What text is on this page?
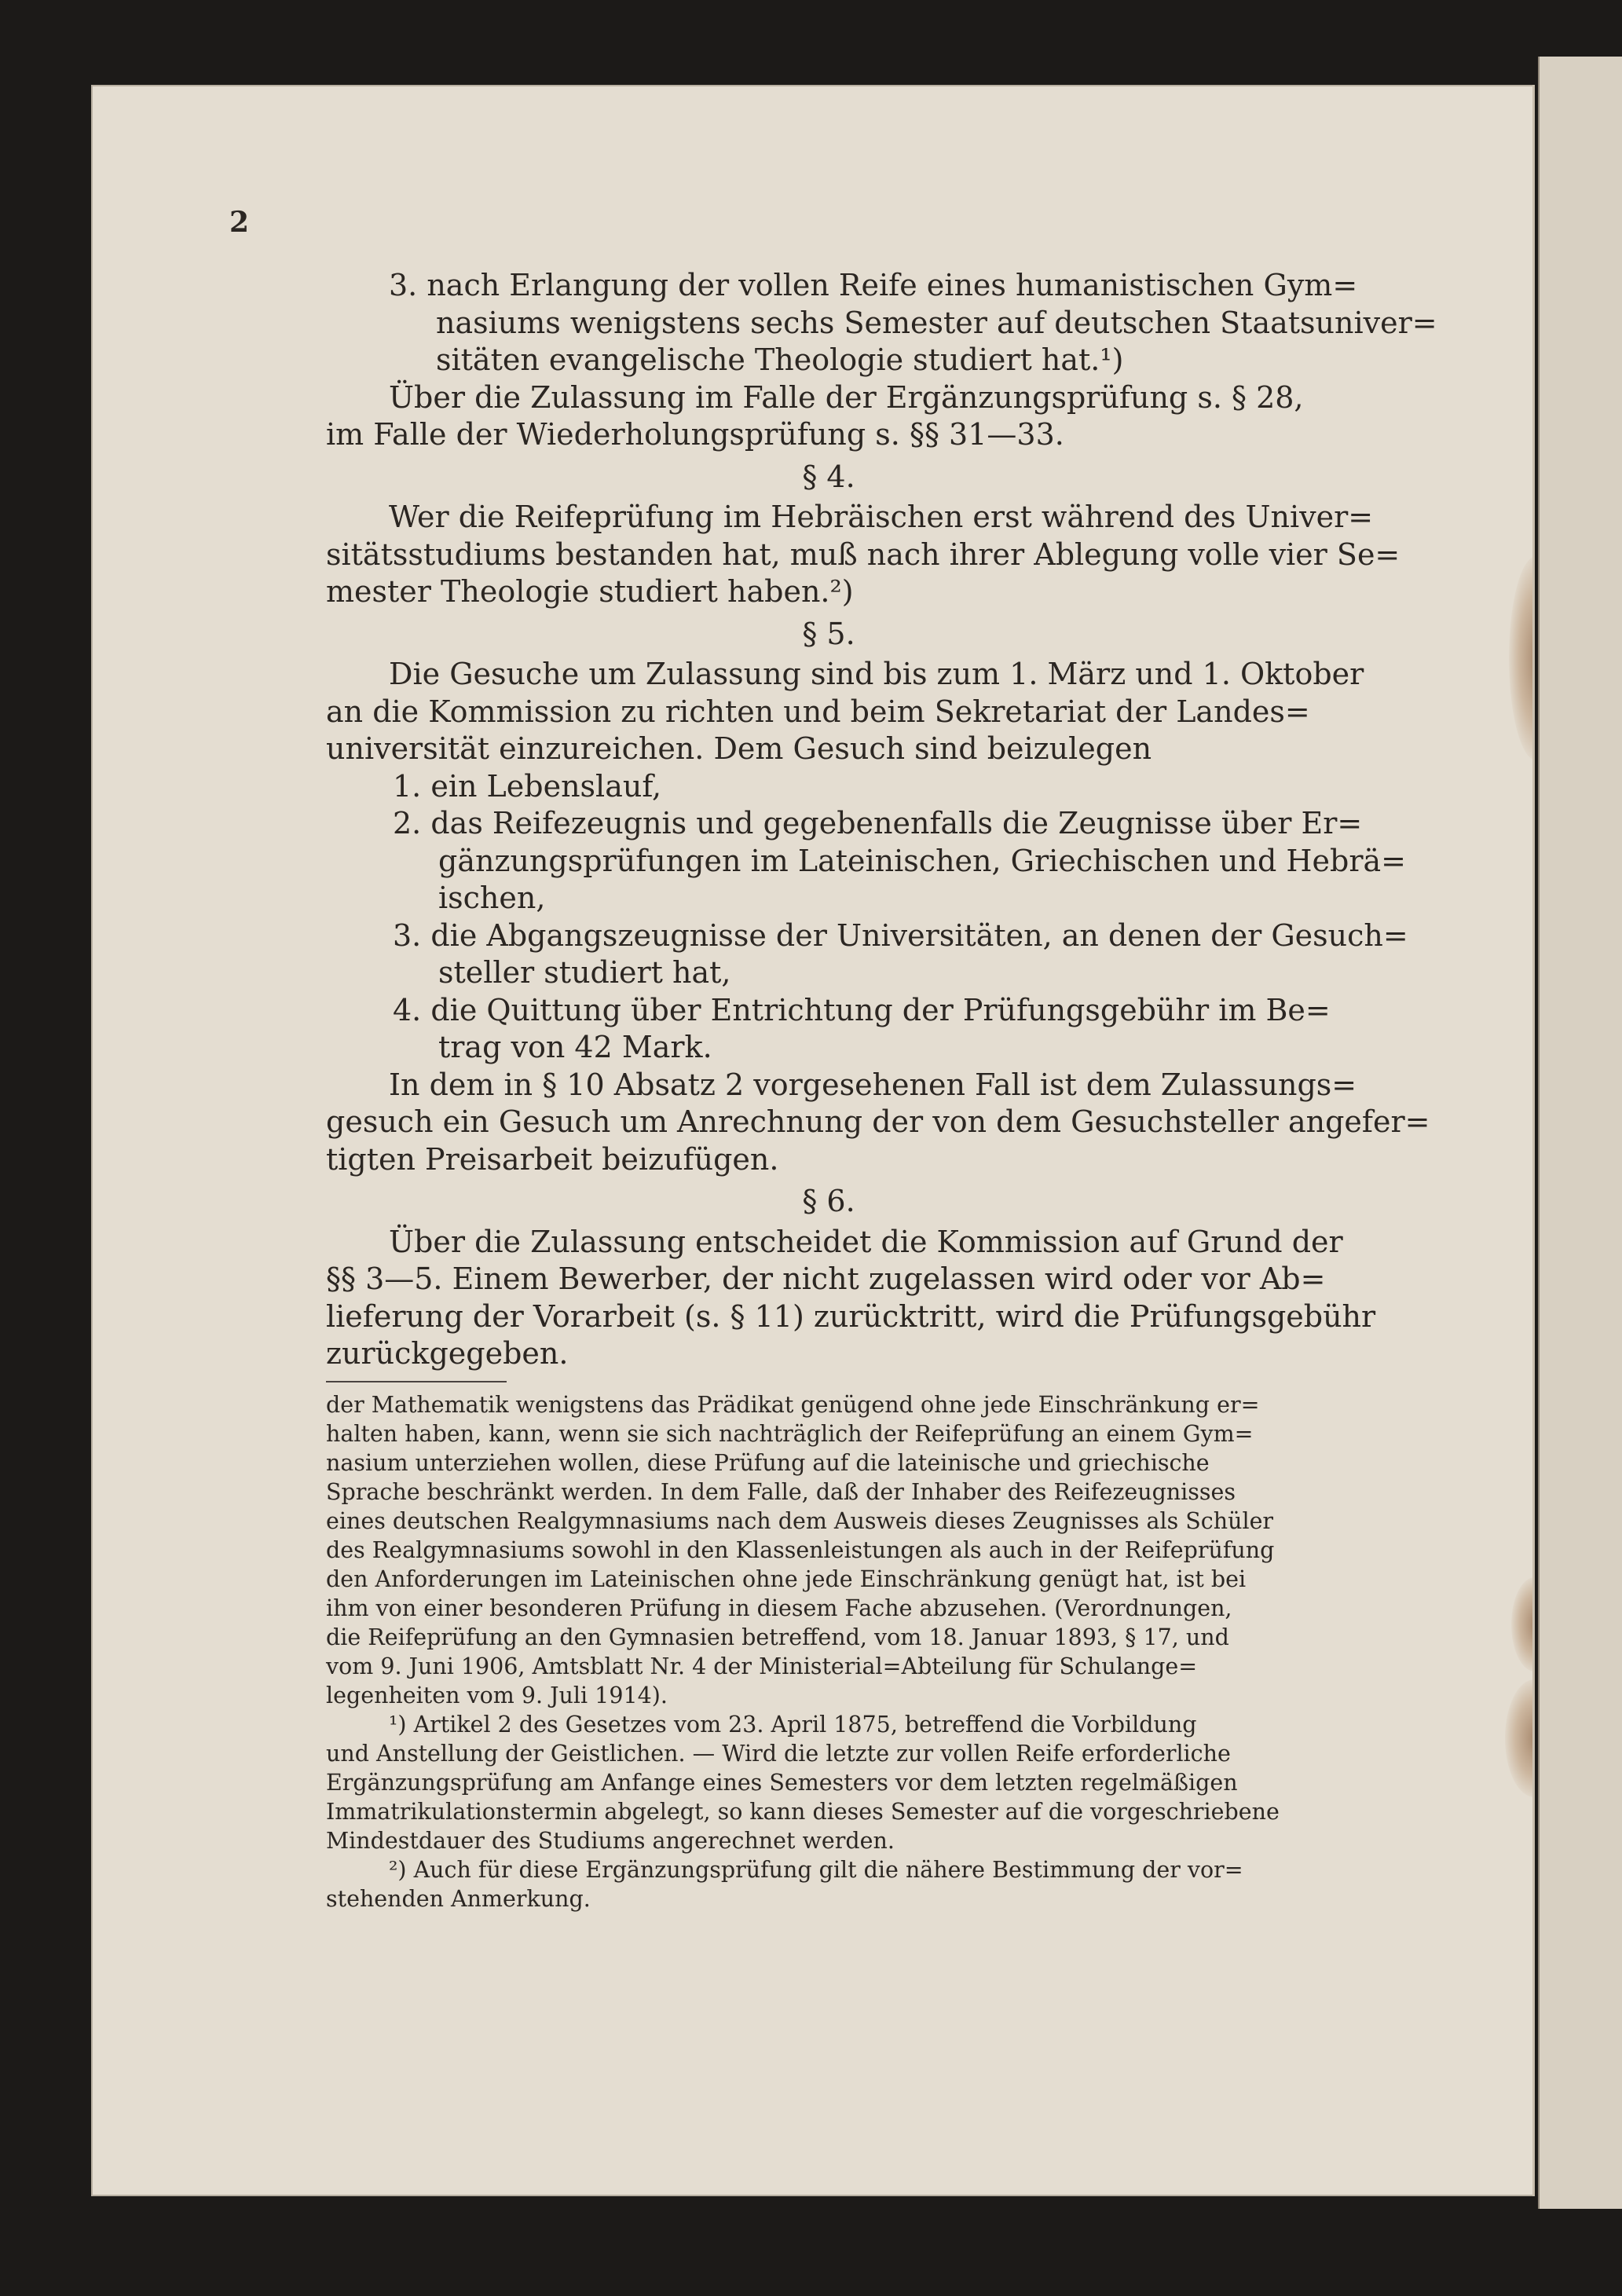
2
3. nach Erlangung der vollen Reife eines humanistischen Gym=
nasiums wenigstens sechs Semester auf deutschen Staatsuniver=
sitäten evangelische Theologie studiert hat.¹)
Über die Zulassung im Falle der Ergänzungsprüfung s. § 28,
im Falle der Wiederholungsprüfung s. §§ 31—33.
§ 4.
Wer die Reifeprüfung im Hebräischen erst während des Univer=
sitätsstudiums bestanden hat, muß nach ihrer Ablegung volle vier Se=
mester Theologie studiert haben.²)
§ 5.
Die Gesuche um Zulassung sind bis zum 1. März und 1. Oktober
an die Kommission zu richten und beim Sekretariat der Landes=
universität einzureichen. Dem Gesuch sind beizulegen
1. ein Lebenslauf,
2. das Reifezeugnis und gegebenenfalls die Zeugnisse über Er=
gänzungsprüfungen im Lateinischen, Griechischen und Hebrä=
ischen,
3. die Abgangszeugnisse der Universitäten, an denen der Gesuch=
steller studiert hat,
4. die Quittung über Entrichtung der Prüfungsgebühr im Be=
trag von 42 Mark.
In dem in § 10 Absatz 2 vorgesehenen Fall ist dem Zulassungs=
gesuch ein Gesuch um Anrechnung der von dem Gesuchsteller angefer=
tigten Preisarbeit beizufügen.
§ 6.
Über die Zulassung entscheidet die Kommission auf Grund der
§§ 3—5. Einem Bewerber, der nicht zugelassen wird oder vor Ab=
lieferung der Vorarbeit (s. § 11) zurücktritt, wird die Prüfungsgebühr
zurückgegeben.
der Mathematik wenigstens das Prädikat genügend ohne jede Einschränkung er=
halten haben, kann, wenn sie sich nachträglich der Reifeprüfung an einem Gym=
nasium unterziehen wollen, diese Prüfung auf die lateinische und griechische
Sprache beschränkt werden. In dem Falle, daß der Inhaber des Reifezeugnisses
eines deutschen Realgymnasiums nach dem Ausweis dieses Zeugnisses als Schüler
des Realgymnasiums sowohl in den Klassenleistungen als auch in der Reifeprüfung
den Anforderungen im Lateinischen ohne jede Einschränkung genügt hat, ist bei
ihm von einer besonderen Prüfung in diesem Fache abzusehen. (Verordnungen,
die Reifeprüfung an den Gymnasien betreffend, vom 18. Januar 1893, § 17, und
vom 9. Juni 1906, Amtsblatt Nr. 4 der Ministerial=Abteilung für Schulange=
legenheiten vom 9. Juli 1914).
¹) Artikel 2 des Gesetzes vom 23. April 1875, betreffend die Vorbildung
und Anstellung der Geistlichen. — Wird die letzte zur vollen Reife erforderliche
Ergänzungsprüfung am Anfange eines Semesters vor dem letzten regelmäßigen
Immatrikulationstermin abgelegt, so kann dieses Semester auf die vorgeschriebene
Mindestdauer des Studiums angerechnet werden.
²) Auch für diese Ergänzungsprüfung gilt die nähere Bestimmung der vor=
stehenden Anmerkung.
